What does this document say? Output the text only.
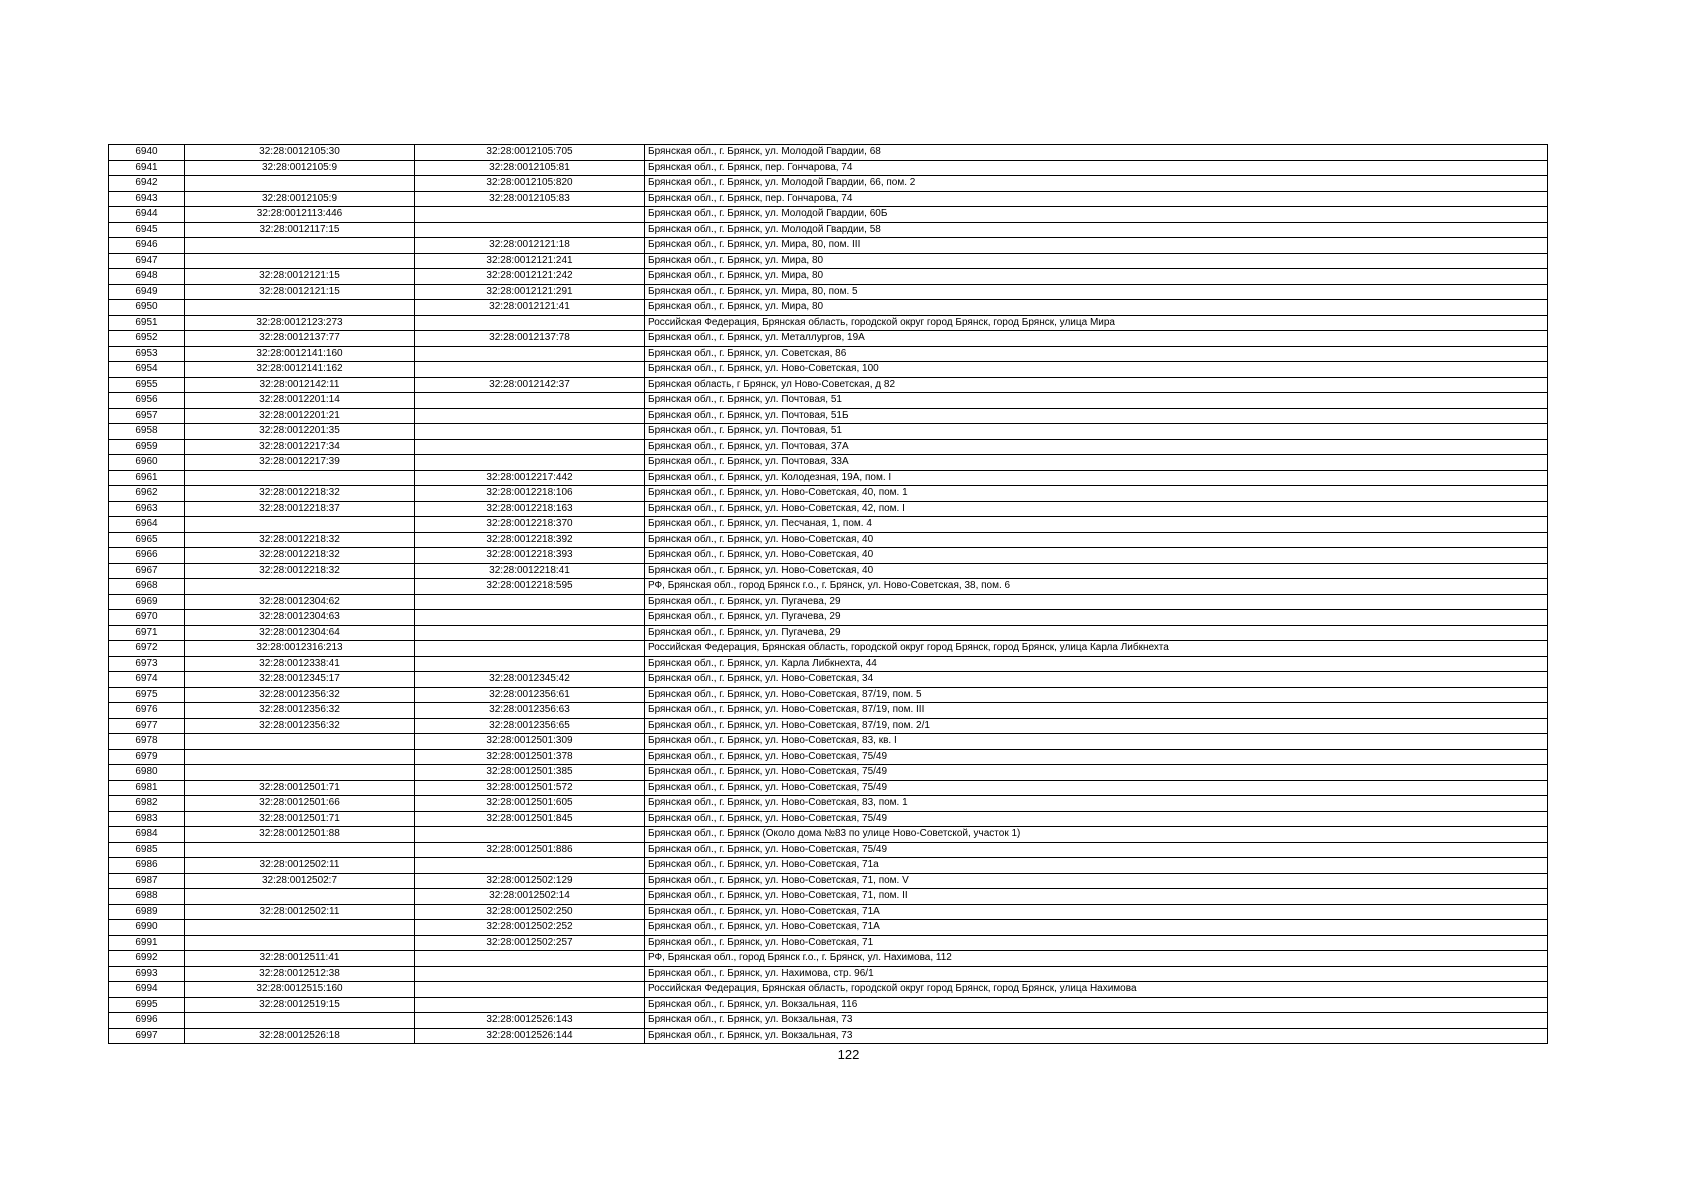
6940	32:28:0012105:30	32:28:0012105:705	Брянская обл., г. Брянск, ул. Молодой Гвардии, 68
6941	32:28:0012105:9	32:28:0012105:81	Брянская обл., г. Брянск, пер. Гончарова, 74
6942		32:28:0012105:820	Брянская обл., г. Брянск, ул. Молодой Гвардии, 66, пом. 2
6943	32:28:0012105:9	32:28:0012105:83	Брянская обл., г. Брянск, пер. Гончарова, 74
6944	32:28:0012113:446		Брянская обл., г. Брянск, ул. Молодой Гвардии, 60Б
6945	32:28:0012117:15		Брянская обл., г. Брянск, ул. Молодой Гвардии, 58
6946		32:28:0012121:18	Брянская обл., г. Брянск, ул. Мира, 80, пом. III
6947		32:28:0012121:241	Брянская обл., г. Брянск, ул. Мира, 80
6948	32:28:0012121:15	32:28:0012121:242	Брянская обл., г. Брянск, ул. Мира, 80
6949	32:28:0012121:15	32:28:0012121:291	Брянская обл., г. Брянск, ул. Мира, 80, пом. 5
6950		32:28:0012121:41	Брянская обл., г. Брянск, ул. Мира, 80
6951	32:28:0012123:273		Российская Федерация, Брянская область, городской округ город Брянск, город Брянск, улица Мира
6952	32:28:0012137:77	32:28:0012137:78	Брянская обл., г. Брянск, ул. Металлургов, 19А
6953	32:28:0012141:160		Брянская обл., г. Брянск, ул. Советская, 86
6954	32:28:0012141:162		Брянская обл., г. Брянск, ул. Ново-Советская, 100
6955	32:28:0012142:11	32:28:0012142:37	Брянская область, г Брянск, ул Ново-Советская, д 82
6956	32:28:0012201:14		Брянская обл., г. Брянск, ул. Почтовая, 51
6957	32:28:0012201:21		Брянская обл., г. Брянск, ул. Почтовая, 51Б
6958	32:28:0012201:35		Брянская обл., г. Брянск, ул. Почтовая, 51
6959	32:28:0012217:34		Брянская обл., г. Брянск, ул. Почтовая, 37А
6960	32:28:0012217:39		Брянская обл., г. Брянск, ул. Почтовая, 33А
6961		32:28:0012217:442	Брянская обл., г. Брянск, ул. Колодезная, 19А, пом. I
6962	32:28:0012218:32	32:28:0012218:106	Брянская обл., г. Брянск, ул. Ново-Советская, 40, пом. 1
6963	32:28:0012218:37	32:28:0012218:163	Брянская обл., г. Брянск, ул. Ново-Советская, 42, пом. I
6964		32:28:0012218:370	Брянская обл., г. Брянск, ул. Песчаная, 1, пом. 4
6965	32:28:0012218:32	32:28:0012218:392	Брянская обл., г. Брянск, ул. Ново-Советская, 40
6966	32:28:0012218:32	32:28:0012218:393	Брянская обл., г. Брянск, ул. Ново-Советская, 40
6967	32:28:0012218:32	32:28:0012218:41	Брянская обл., г. Брянск, ул. Ново-Советская, 40
6968		32:28:0012218:595	РФ, Брянская обл., город Брянск г.о., г. Брянск, ул. Ново-Советская, 38, пом. 6
6969	32:28:0012304:62		Брянская обл., г. Брянск, ул. Пугачева, 29
6970	32:28:0012304:63		Брянская обл., г. Брянск, ул. Пугачева, 29
6971	32:28:0012304:64		Брянская обл., г. Брянск, ул. Пугачева, 29
6972	32:28:0012316:213		Российская Федерация, Брянская область, городской округ город Брянск, город Брянск, улица Карла Либкнехта
6973	32:28:0012338:41		Брянская обл., г. Брянск, ул. Карла Либкнехта, 44
6974	32:28:0012345:17	32:28:0012345:42	Брянская обл., г. Брянск, ул. Ново-Советская, 34
6975	32:28:0012356:32	32:28:0012356:61	Брянская обл., г. Брянск, ул. Ново-Советская, 87/19, пом. 5
6976	32:28:0012356:32	32:28:0012356:63	Брянская обл., г. Брянск, ул. Ново-Советская, 87/19, пом. III
6977	32:28:0012356:32	32:28:0012356:65	Брянская обл., г. Брянск, ул. Ново-Советская, 87/19, пом. 2/1
6978		32:28:0012501:309	Брянская обл., г. Брянск, ул. Ново-Советская, 83, кв. I
6979		32:28:0012501:378	Брянская обл., г. Брянск, ул. Ново-Советская, 75/49
6980		32:28:0012501:385	Брянская обл., г. Брянск, ул. Ново-Советская, 75/49
6981	32:28:0012501:71	32:28:0012501:572	Брянская обл., г. Брянск, ул. Ново-Советская, 75/49
6982	32:28:0012501:66	32:28:0012501:605	Брянская обл., г. Брянск, ул. Ново-Советская, 83, пом. 1
6983	32:28:0012501:71	32:28:0012501:845	Брянская обл., г. Брянск, ул. Ново-Советская, 75/49
6984	32:28:0012501:88		Брянская обл., г. Брянск (Около дома №83 по улице Ново-Советской, участок 1)
6985		32:28:0012501:886	Брянская обл., г. Брянск, ул. Ново-Советская, 75/49
6986	32:28:0012502:11		Брянская обл., г. Брянск, ул. Ново-Советская, 71а
6987	32:28:0012502:7	32:28:0012502:129	Брянская обл., г. Брянск, ул. Ново-Советская, 71, пом. V
6988		32:28:0012502:14	Брянская обл., г. Брянск, ул. Ново-Советская, 71, пом. II
6989	32:28:0012502:11	32:28:0012502:250	Брянская обл., г. Брянск, ул. Ново-Советская, 71А
6990		32:28:0012502:252	Брянская обл., г. Брянск, ул. Ново-Советская, 71А
6991		32:28:0012502:257	Брянская обл., г. Брянск, ул. Ново-Советская, 71
6992	32:28:0012511:41		РФ, Брянская обл., город Брянск г.о., г. Брянск, ул. Нахимова, 112
6993	32:28:0012512:38		Брянская обл., г. Брянск, ул. Нахимова, стр. 96/1
6994	32:28:0012515:160		Российская Федерация, Брянская область, городской округ город Брянск, город Брянск, улица Нахимова
6995	32:28:0012519:15		Брянская обл., г. Брянск, ул. Вокзальная, 116
6996		32:28:0012526:143	Брянская обл., г. Брянск, ул. Вокзальная, 73
6997	32:28:0012526:18	32:28:0012526:144	Брянская обл., г. Брянск, ул. Вокзальная, 73
122
